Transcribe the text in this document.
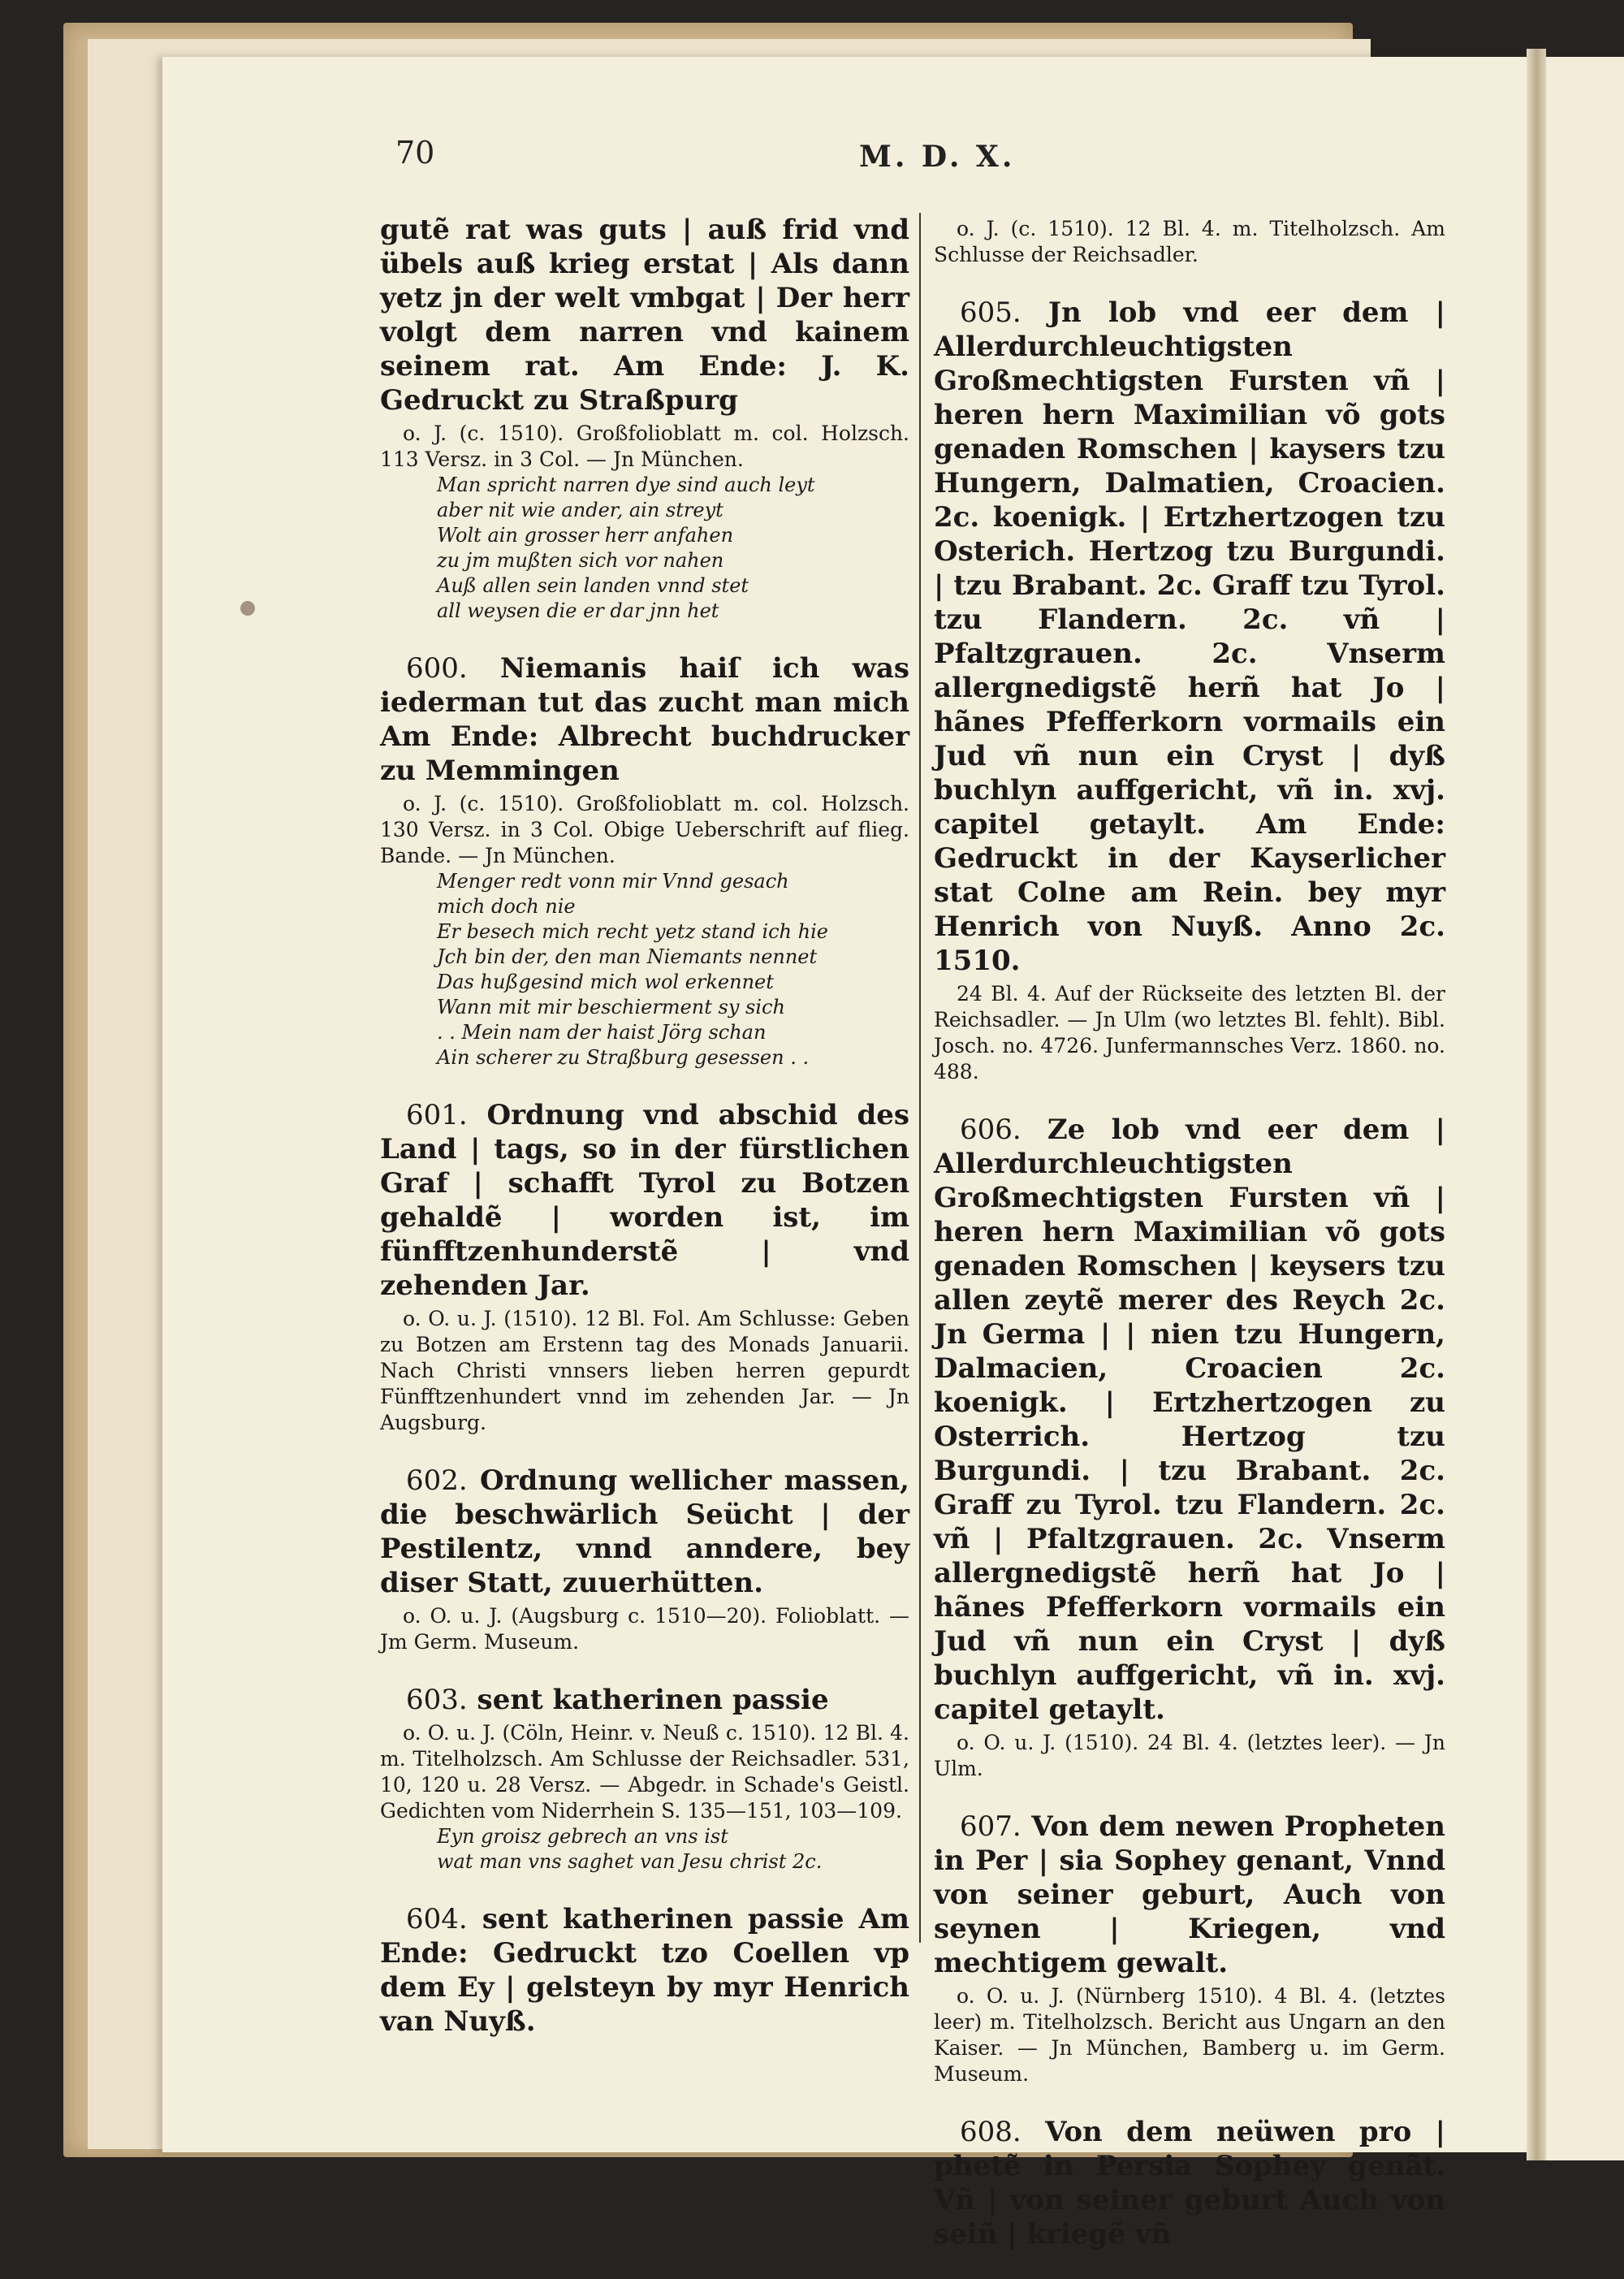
70	M. D. X.

gutẽ rat was guts | auß frid vnd übels auß krieg erstat | Als dann yetz jn der welt vmbgat | Der herr volgt dem narren vnd kainem seinem rat. Am Ende: J. K. Gedruckt zu Straßpurg

o. J. (c. 1510). Großfolioblatt m. col. Holzsch. 113 Versz. in 3 Col. — Jn München.

Man spricht narren dye sind auch leyt
aber nit wie ander, ain streyt
Wolt ain grosser herr anfahen
zu jm mußten sich vor nahen
Auß allen sein landen vnnd stet
all weysen die er dar jnn het

600. Niemanis haiſ ich was iederman tut das zucht man mich Am Ende: Albrecht buchdrucker zu Memmingen

o. J. (c. 1510). Großfolioblatt m. col. Holzsch. 130 Versz. in 3 Col. Obige Ueberschrift auf flieg. Bande. — Jn München.

Menger redt vonn mir Vnnd gesach
mich doch nie
Er besech mich recht yetz stand ich hie
Jch bin der, den man Niemants nennet
Das hußgesind mich wol erkennet
Wann mit mir beschierment sy sich
. . Mein nam der haist Jörg schan
Ain scherer zu Straßburg gesessen . .

601. Ordnung vnd abschid des Land | tags, so in der fürstlichen Graf | schafft Tyrol zu Botzen gehaldẽ | worden ist, im fünfftzenhunderstẽ | vnd zehenden Jar.

o. O. u. J. (1510). 12 Bl. Fol. Am Schlusse: Geben zu Botzen am Erstenn tag des Monads Januarii. Nach Christi vnnsers lieben herren gepurdt Fünfftzenhundert vnnd im zehenden Jar. — Jn Augsburg.

602. Ordnung wellicher massen, die beschwärlich Seücht | der Pestilentz, vnnd anndere, bey diser Statt, zuuerhütten.

o. O. u. J. (Augsburg c. 1510—20). Folioblatt. — Jm Germ. Museum.

603. sent katherinen passie

o. O. u. J. (Cöln, Heinr. v. Neuß c. 1510). 12 Bl. 4. m. Titelholzsch. Am Schlusse der Reichsadler. 531, 10, 120 u. 28 Versz. — Abgedr. in Schade's Geistl. Gedichten vom Niderrhein S. 135—151, 103—109.

Eyn groisz gebrech an vns ist
wat man vns saghet van Jesu christ 2c.

604. sent katherinen passie Am Ende: Gedruckt tzo Coellen vp dem Ey | gelsteyn by myr Henrich van Nuyß.

o. J. (c. 1510). 12 Bl. 4. m. Titelholzsch. Am Schlusse der Reichsadler.

605. Jn lob vnd eer dem | Allerdurchleuchtigsten Großmechtigsten Fursten vñ | heren hern Maximilian võ gots genaden Romschen | kaysers tzu Hungern, Dalmatien, Croacien. 2c. koenigk. | Ertzhertzogen tzu Osterich. Hertzog tzu Burgundi. | tzu Brabant. 2c. Graff tzu Tyrol. tzu Flandern. 2c. vñ | Pfaltzgrauen. 2c. Vnserm allergnedigstẽ herñ hat Jo | hãnes Pfefferkorn vormails ein Jud vñ nun ein Cryst | dyß buchlyn auffgericht, vñ in. xvj. capitel getaylt. Am Ende: Gedruckt in der Kayserlicher stat Colne am Rein. bey myr Henrich von Nuyß. Anno 2c. 1510.

24 Bl. 4. Auf der Rückseite des letzten Bl. der Reichsadler. — Jn Ulm (wo letztes Bl. fehlt). Bibl. Josch. no. 4726. Junfermannsches Verz. 1860. no. 488.

606. Ze lob vnd eer dem | Allerdurchleuchtigsten Großmechtigsten Fursten vñ | heren hern Maximilian võ gots genaden Romschen | keysers tzu allen zeytẽ merer des Reych 2c. Jn Germa | | nien tzu Hungern, Dalmacien, Croacien 2c. koenigk. | Ertzhertzogen zu Osterrich. Hertzog tzu Burgundi. | tzu Brabant. 2c. Graff zu Tyrol. tzu Flandern. 2c. vñ | Pfaltzgrauen. 2c. Vnserm allergnedigstẽ herñ hat Jo | hãnes Pfefferkorn vormails ein Jud vñ nun ein Cryst | dyß buchlyn auffgericht, vñ in. xvj. capitel getaylt.

o. O. u. J. (1510). 24 Bl. 4. (letztes leer). — Jn Ulm.

607. Von dem newen Propheten in Per | sia Sophey genant, Vnnd von seiner geburt, Auch von seynen | Kriegen, vnd mechtigem gewalt.

o. O. u. J. (Nürnberg 1510). 4 Bl. 4. (letztes leer) m. Titelholzsch. Bericht aus Ungarn an den Kaiser. — Jn München, Bamberg u. im Germ. Museum.

608. Von dem neüwen pro | phetẽ in Persia Sophey genãt. Vñ | von seiner geburt Auch von seiñ | kriegẽ vñ
